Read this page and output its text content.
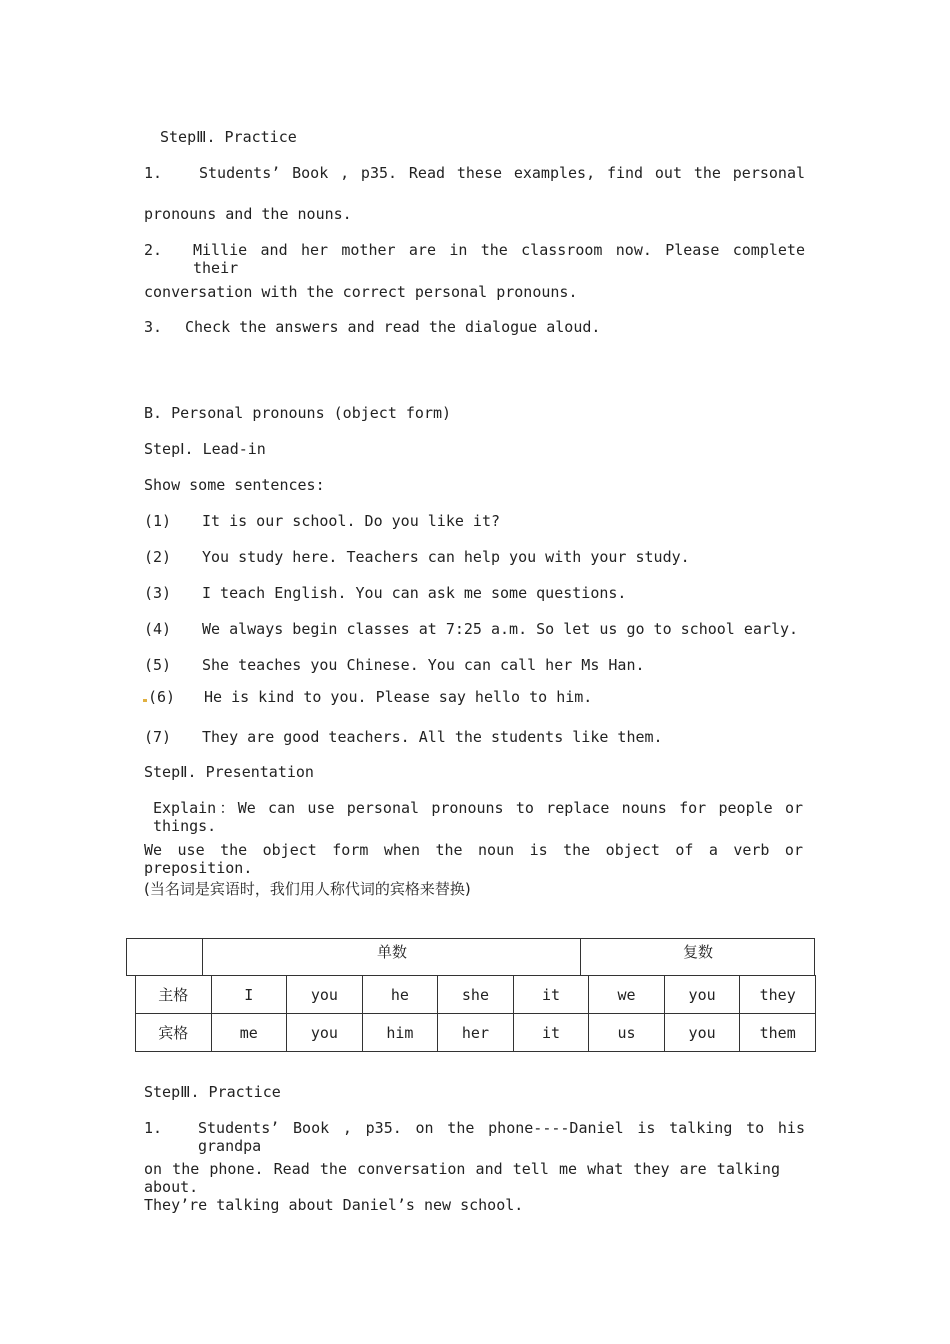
StepⅢ. Practice
1. Students’ Book , p35. Read these examples, find out the personal
pronouns and the nouns.
2. Millie and her mother are in the classroom now. Please complete their
conversation with the correct personal pronouns.
3. Check the answers and read the dialogue aloud.
B. Personal pronouns (object form)
StepⅠ. Lead-in
Show some sentences:
(1) It is our school. Do you like it?
(2) You study here. Teachers can help you with your study.
(3) I teach English. You can ask me some questions.
(4) We always begin classes at 7:25 a.m. So let us go to school early.
(5) She teaches you Chinese. You can call her Ms Han.
(6) He is kind to you. Please say hello to him.
(7) They are good teachers. All the students like them.
StepⅡ. Presentation
Explain：We can use personal pronouns to replace nouns for people or things.
We use the object form when the noun is the object of a verb or preposition.
(当名词是宾语时，我们用人称代词的宾格来替换)
单数	复数
主格	I	you	he	she	it	we	you	they
宾格	me	you	him	her	it	us	you	them
StepⅢ. Practice
1. Students’ Book , p35. on the phone----Daniel is talking to his grandpa
on the phone. Read the conversation and tell me what they are talking about.
They’re talking about Daniel’s new school.
